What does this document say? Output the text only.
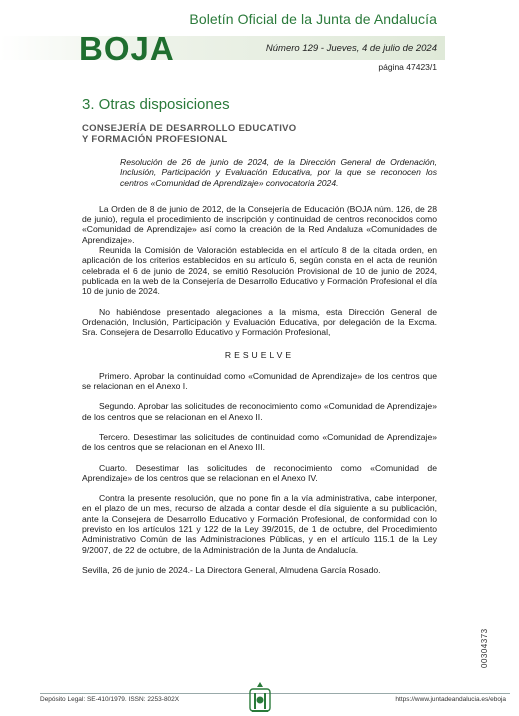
BOJA
Boletín Oficial de la Junta de Andalucía
Número 129 - Jueves, 4 de julio de 2024
página 47423/1
3. Otras disposiciones
CONSEJERÍA DE DESARROLLO EDUCATIVO
Y FORMACIÓN PROFESIONAL

Resolución de 26 de junio de 2024, de la Dirección General de Ordenación, Inclusión, Participación y Evaluación Educativa, por la que se reconocen los centros «Comunidad de Aprendizaje» convocatoria 2024.

La Orden de 8 de junio de 2012, de la Consejería de Educación (BOJA núm. 126, de 28 de junio), regula el procedimiento de inscripción y continuidad de centros reconocidos como «Comunidad de Aprendizaje» así como la creación de la Red Andaluza «Comunidades de Aprendizaje».

Reunida la Comisión de Valoración establecida en el artículo 8 de la citada orden, en aplicación de los criterios establecidos en su artículo 6, según consta en el acta de reunión celebrada el 6 de junio de 2024, se emitió Resolución Provisional de 10 de junio de 2024, publicada en la web de la Consejería de Desarrollo Educativo y Formación Profesional el día 10 de junio de 2024.

No habiéndose presentado alegaciones a la misma, esta Dirección General de Ordenación, Inclusión, Participación y Evaluación Educativa, por delegación de la Excma. Sra. Consejera de Desarrollo Educativo y Formación Profesional,

RESUELVE

Primero. Aprobar la continuidad como «Comunidad de Aprendizaje» de los centros que se relacionan en el Anexo I.

Segundo. Aprobar las solicitudes de reconocimiento como «Comunidad de Aprendizaje» de los centros que se relacionan en el Anexo II.

Tercero. Desestimar las solicitudes de continuidad como «Comunidad de Aprendizaje» de los centros que se relacionan en el Anexo III.

Cuarto. Desestimar las solicitudes de reconocimiento como «Comunidad de Aprendizaje» de los centros que se relacionan en el Anexo IV.

Contra la presente resolución, que no pone fin a la vía administrativa, cabe interponer, en el plazo de un mes, recurso de alzada a contar desde el día siguiente a su publicación, ante la Consejera de Desarrollo Educativo y Formación Profesional, de conformidad con lo previsto en los artículos 121 y 122 de la Ley 39/2015, de 1 de octubre, del Procedimiento Administrativo Común de las Administraciones Públicas, y en el artículo 115.1 de la Ley 9/2007, de 22 de octubre, de la Administración de la Junta de Andalucía.

Sevilla, 26 de junio de 2024.- La Directora General, Almudena García Rosado.

00304373
Depósito Legal: SE-410/1979. ISSN: 2253-802X	https://www.juntadeandalucia.es/eboja
